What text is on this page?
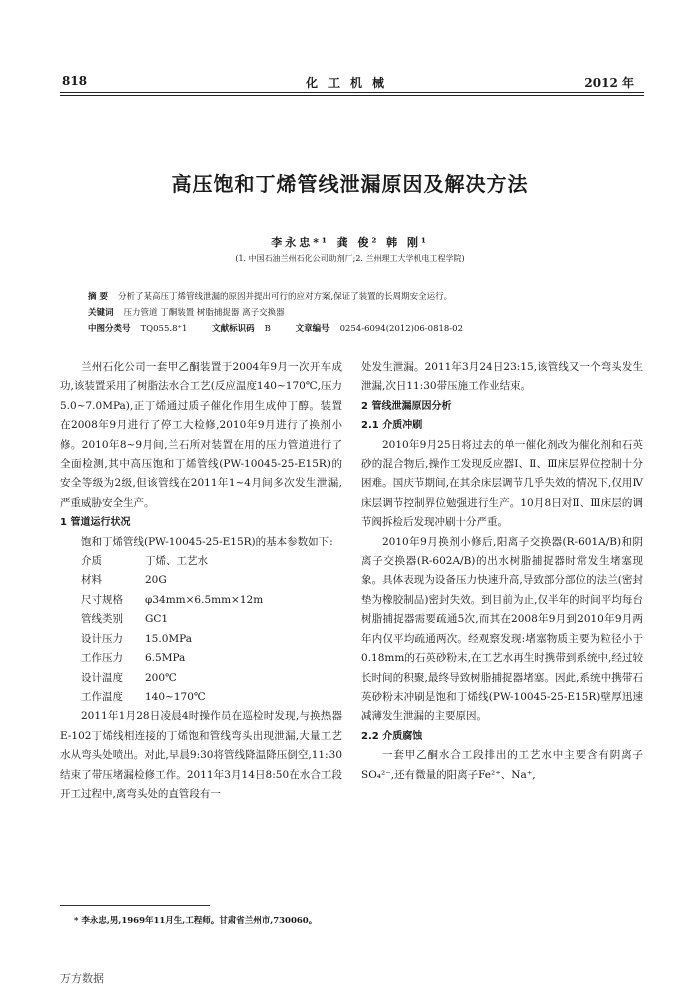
818	化工机械	2012 年
高压饱和丁烯管线泄漏原因及解决方法
李永忠*¹ 龚 俊² 韩 刚¹
(1. 中国石油兰州石化公司助剂厂;2. 兰州理工大学机电工程学院)
摘 要 分析了某高压丁烯管线泄漏的原因并提出可行的应对方案,保证了装置的长周期安全运行。
关键词 压力管道 丁酮装置 树脂捕捉器 离子交换器
中图分类号 TQ055.8⁺1	文献标识码 B	文章编号 0254-6094(2012)06-0818-02

兰州石化公司一套甲乙酮装置于2004年9月一次开车成功,该装置采用了树脂法水合工艺(反应温度140~170℃,压力5.0~7.0MPa),正丁烯通过质子催化作用生成仲丁醇。装置在2008年9月进行了停工大检修,2010年9月进行了换剂小修。2010年8~9月间,兰石所对装置在用的压力管道进行了全面检测,其中高压饱和丁烯管线(PW-10045-25-E15R)的安全等级为2级,但该管线在2011年1~4月间多次发生泄漏,严重威胁安全生产。

1 管道运行状况

饱和丁烯管线(PW-10045-25-E15R)的基本参数如下:

介质	丁烯、工艺水
材料	20G
尺寸规格	φ34mm×6.5mm×12m
管线类别	GC1
设计压力	15.0MPa
工作压力	6.5MPa
设计温度	200℃
工作温度	140~170℃

2011年1月28日凌晨4时操作员在巡检时发现,与换热器E-102丁烯线相连接的丁烯饱和管线弯头出现泄漏,大量工艺水从弯头处喷出。对此,早晨9:30将管线降温降压倒空,11:30结束了带压堵漏检修工作。2011年3月14日8:50在水合工段开工过程中,离弯头处的直管段有一

处发生泄漏。2011年3月24日23:15,该管线又一个弯头发生泄漏,次日11:30带压施工作业结束。

2 管线泄漏原因分析

2.1 介质冲刷

2010年9月25日将过去的单一催化剂改为催化剂和石英砂的混合物后,操作工发现反应器Ⅰ、Ⅱ、Ⅲ床层界位控制十分困难。国庆节期间,在其余床层调节几乎失效的情况下,仅用Ⅳ床层调节控制界位勉强进行生产。10月8日对Ⅱ、Ⅲ床层的调节阀拆检后发现冲刷十分严重。

2010年9月换剂小修后,阳离子交换器(R-601A/B)和阴离子交换器(R-602A/B)的出水树脂捕捉器时常发生堵塞现象。具体表现为设备压力快速升高,导致部分部位的法兰(密封垫为橡胶制品)密封失效。到目前为止,仅半年的时间平均每台树脂捕捉器需要疏通5次,而其在2008年9月到2010年9月两年内仅平均疏通两次。经观察发现:堵塞物质主要为粒径小于0.18mm的石英砂粉末,在工艺水再生时携带到系统中,经过较长时间的积聚,最终导致树脂捕捉器堵塞。因此,系统中携带石英砂粉末冲刷是饱和丁烯线(PW-10045-25-E15R)壁厚迅速减薄发生泄漏的主要原因。

2.2 介质腐蚀

一套甲乙酮水合工段排出的工艺水中主要含有阴离子SO₄²⁻,还有微量的阳离子Fe²⁺、Na⁺,

* 李永忠,男,1969年11月生,工程师。甘肃省兰州市,730060。
万方数据
